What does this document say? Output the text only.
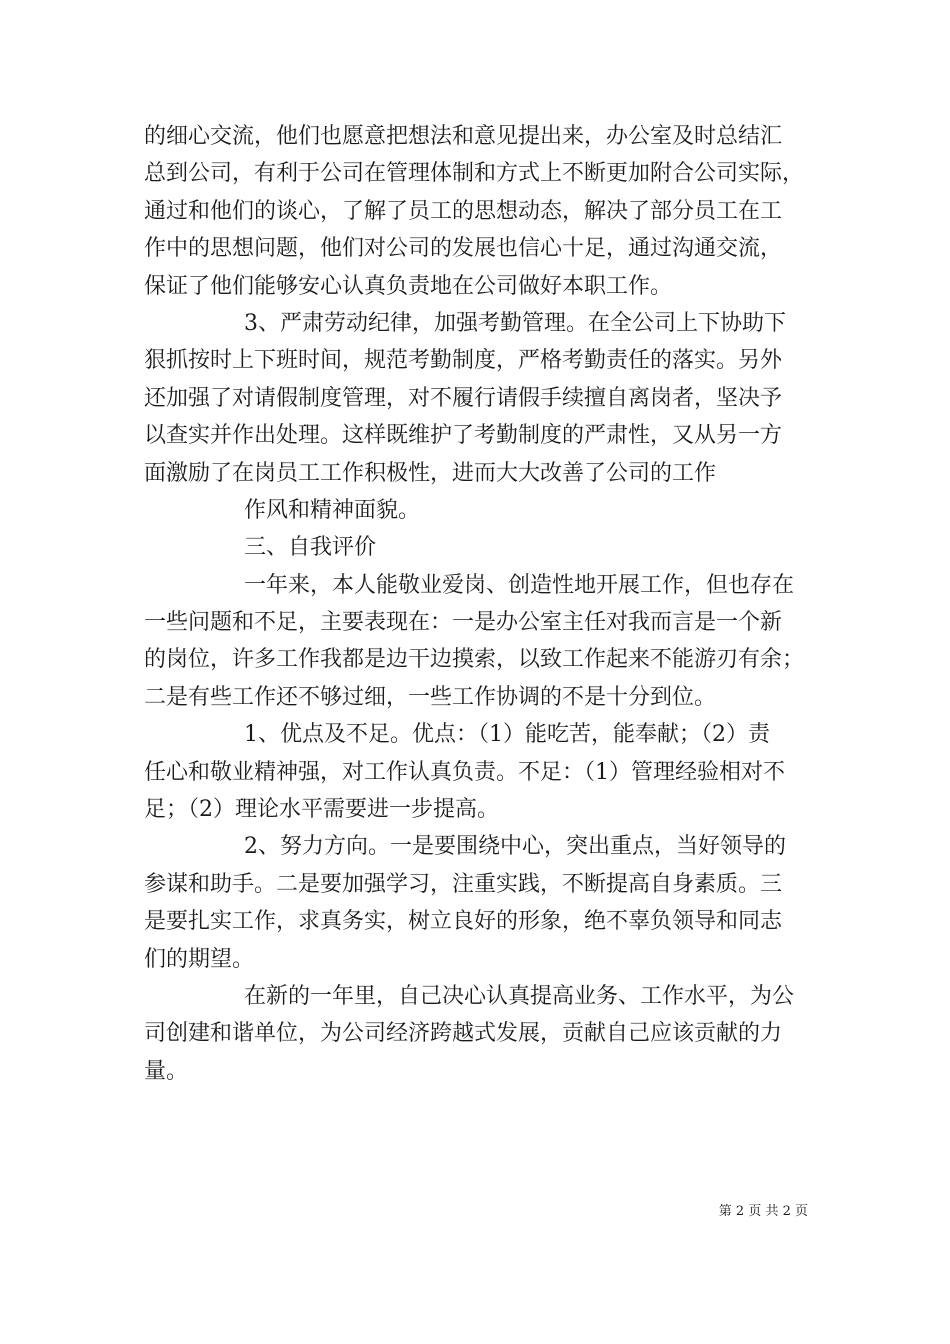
的细心交流，他们也愿意把想法和意见提出来，办公室及时总结汇
总到公司，有利于公司在管理体制和方式上不断更加附合公司实际，
通过和他们的谈心，了解了员工的思想动态，解决了部分员工在工
作中的思想问题，他们对公司的发展也信心十足，通过沟通交流，
保证了他们能够安心认真负责地在公司做好本职工作。
3、严肃劳动纪律，加强考勤管理。在全公司上下协助下
狠抓按时上下班时间，规范考勤制度，严格考勤责任的落实。另外
还加强了对请假制度管理，对不履行请假手续擅自离岗者，坚决予
以查实并作出处理。这样既维护了考勤制度的严肃性，又从另一方
面激励了在岗员工工作积极性，进而大大改善了公司的工作
作风和精神面貌。
三、自我评价
一年来，本人能敬业爱岗、创造性地开展工作，但也存在
一些问题和不足，主要表现在：一是办公室主任对我而言是一个新
的岗位，许多工作我都是边干边摸索，以致工作起来不能游刃有余；
二是有些工作还不够过细，一些工作协调的不是十分到位。
1、优点及不足。优点：（1）能吃苦，能奉献；（2）责
任心和敬业精神强，对工作认真负责。不足：（1）管理经验相对不
足；（2）理论水平需要进一步提高。
2、努力方向。一是要围绕中心，突出重点，当好领导的
参谋和助手。二是要加强学习，注重实践，不断提高自身素质。三
是要扎实工作，求真务实，树立良好的形象，绝不辜负领导和同志
们的期望。
在新的一年里，自己决心认真提高业务、工作水平，为公
司创建和谐单位，为公司经济跨越式发展，贡献自己应该贡献的力
量。
第 2 页 共 2 页
